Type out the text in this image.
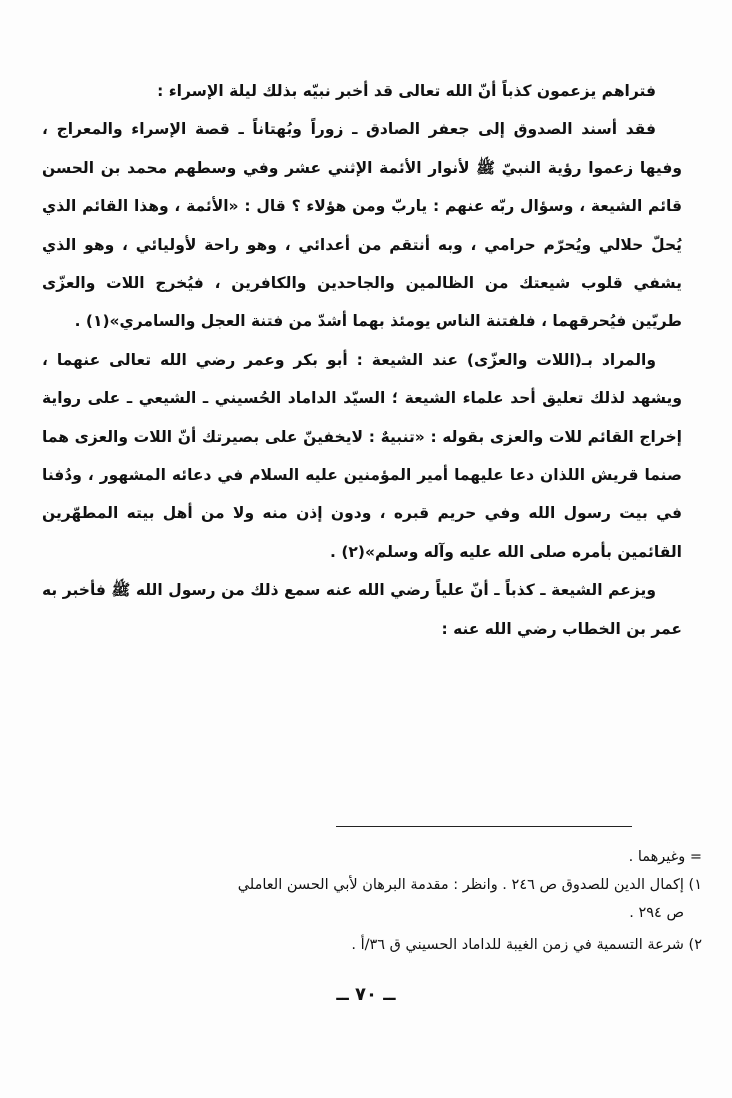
فتراهم يزعمون كذباً أنّ الله تعالى قد أخبر نبيّه بذلك ليلة الإسراء :

فقد أسند الصدوق إلى جعفر الصادق ـ زوراً وبُهتاناً ـ قصة الإسراء والمعراج ، وفيها زعموا رؤية النبيّ ﷺ لأنوار الأئمة الإثني عشر وفي وسطهم محمد بن الحسن قائم الشيعة ، وسؤال ربّه عنهم : ياربّ ومن هؤلاء ؟ قال : «الأئمة ، وهذا القائم الذي يُحلّ حلالي ويُحرّم حرامي ، وبه أنتقم من أعدائي ، وهو راحة لأوليائي ، وهو الذي يشفي قلوب شيعتك من الظالمين والجاحدين والكافرين ، فيُخرج اللات والعزّى طريّين فيُحرقهما ، فلفتنة الناس يومئذ بهما أشدّ من فتنة العجل والسامري»(١) .

والمراد بـ(اللات والعزّى) عند الشيعة : أبو بكر وعمر رضي الله تعالى عنهما ، ويشهد لذلك تعليق أحد علماء الشيعة ؛ السيّد الداماد الحُسيني ـ الشيعي ـ على رواية إخراج القائم للات والعزى بقوله : «تنبيهٌ : لايخفينّ على بصيرتك أنّ اللات والعزى هما صنما قريش اللذان دعا عليهما أمير المؤمنين عليه السلام في دعائه المشهور ، ودُفنا في بيت رسول الله وفي حريم قبره ، ودون إذن منه ولا من أهل بيته المطهّرين القائمين بأمره صلى الله عليه وآله وسلم»(٢) .

ويزعم الشيعة ـ كذباً ـ أنّ علياً رضي الله عنه سمع ذلك من رسول الله ﷺ فأخبر به عمر بن الخطاب رضي الله عنه :

= وغيرهما .

١) إكمال الدين للصدوق ص ٢٤٦ . وانظر : مقدمة البرهان لأبي الحسن العاملي

ص ٢٩٤ .

٢) شرعة التسمية في زمن الغيبة للداماد الحسيني ق ٣٦/أ .

ــ ٧٠ ــ
